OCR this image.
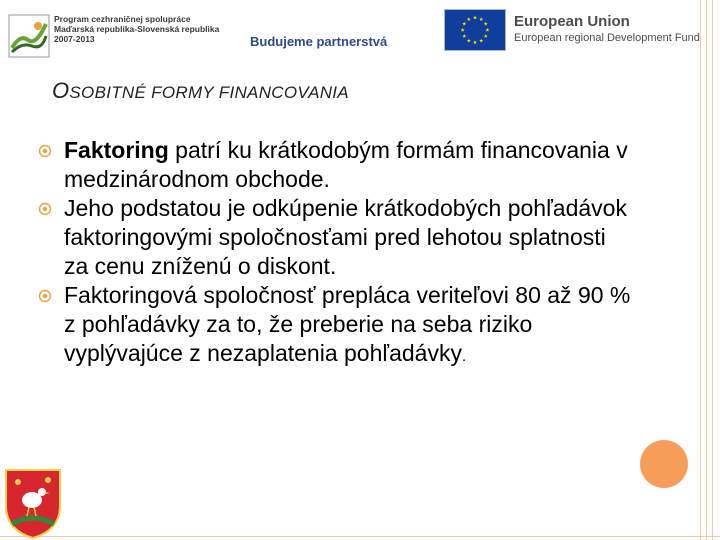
Program cezhraničnej spolupráce
Maďarská republika-Slovenská republika
2007-2013	Budujeme partnerstvá
European Union
European regional Development Fund
OSOBITNÉ FORMY FINANCOVANIA
Faktoring patrí ku krátkodobým formám financovania v medzinárodnom obchode.
Jeho podstatou je odkúpenie krátkodobých pohľadávok faktoringovými spoločnosťami pred lehotou splatnosti za cenu zníženú o diskont.
Faktoringová spoločnosť prepláca veriteľovi 80 až 90 % z pohľadávky za to, že preberie na seba riziko vyplývajúce z nezaplatenia pohľadávky.
